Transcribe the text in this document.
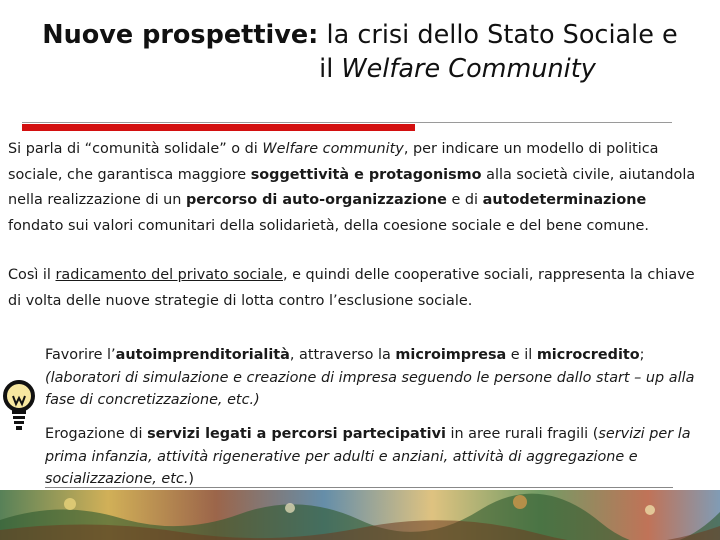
Nuove prospettive: la crisi dello Stato Sociale e
il Welfare Community
Si parla di “comunità solidale” o di Welfare community, per indicare un modello di politica sociale, che garantisca maggiore soggettività e protagonismo alla società civile, aiutandola nella realizzazione di un percorso di auto-organizzazione e di autodeterminazione fondato sui valori comunitari della solidarietà, della coesione sociale e del bene comune.
Così il radicamento del privato sociale, e quindi delle cooperative sociali, rappresenta la chiave di volta delle nuove strategie di lotta contro l’esclusione sociale.
Favorire l’autoimprenditorialità, attraverso la microimpresa e il microcredito; (laboratori di simulazione e creazione di impresa seguendo le persone dallo start – up alla fase di concretizzazione, etc.)
Erogazione di servizi legati a percorsi partecipativi in aree rurali fragili (servizi per la prima infanzia, attività rigenerative per adulti e anziani, attività di aggregazione e socializzazione, etc.)
